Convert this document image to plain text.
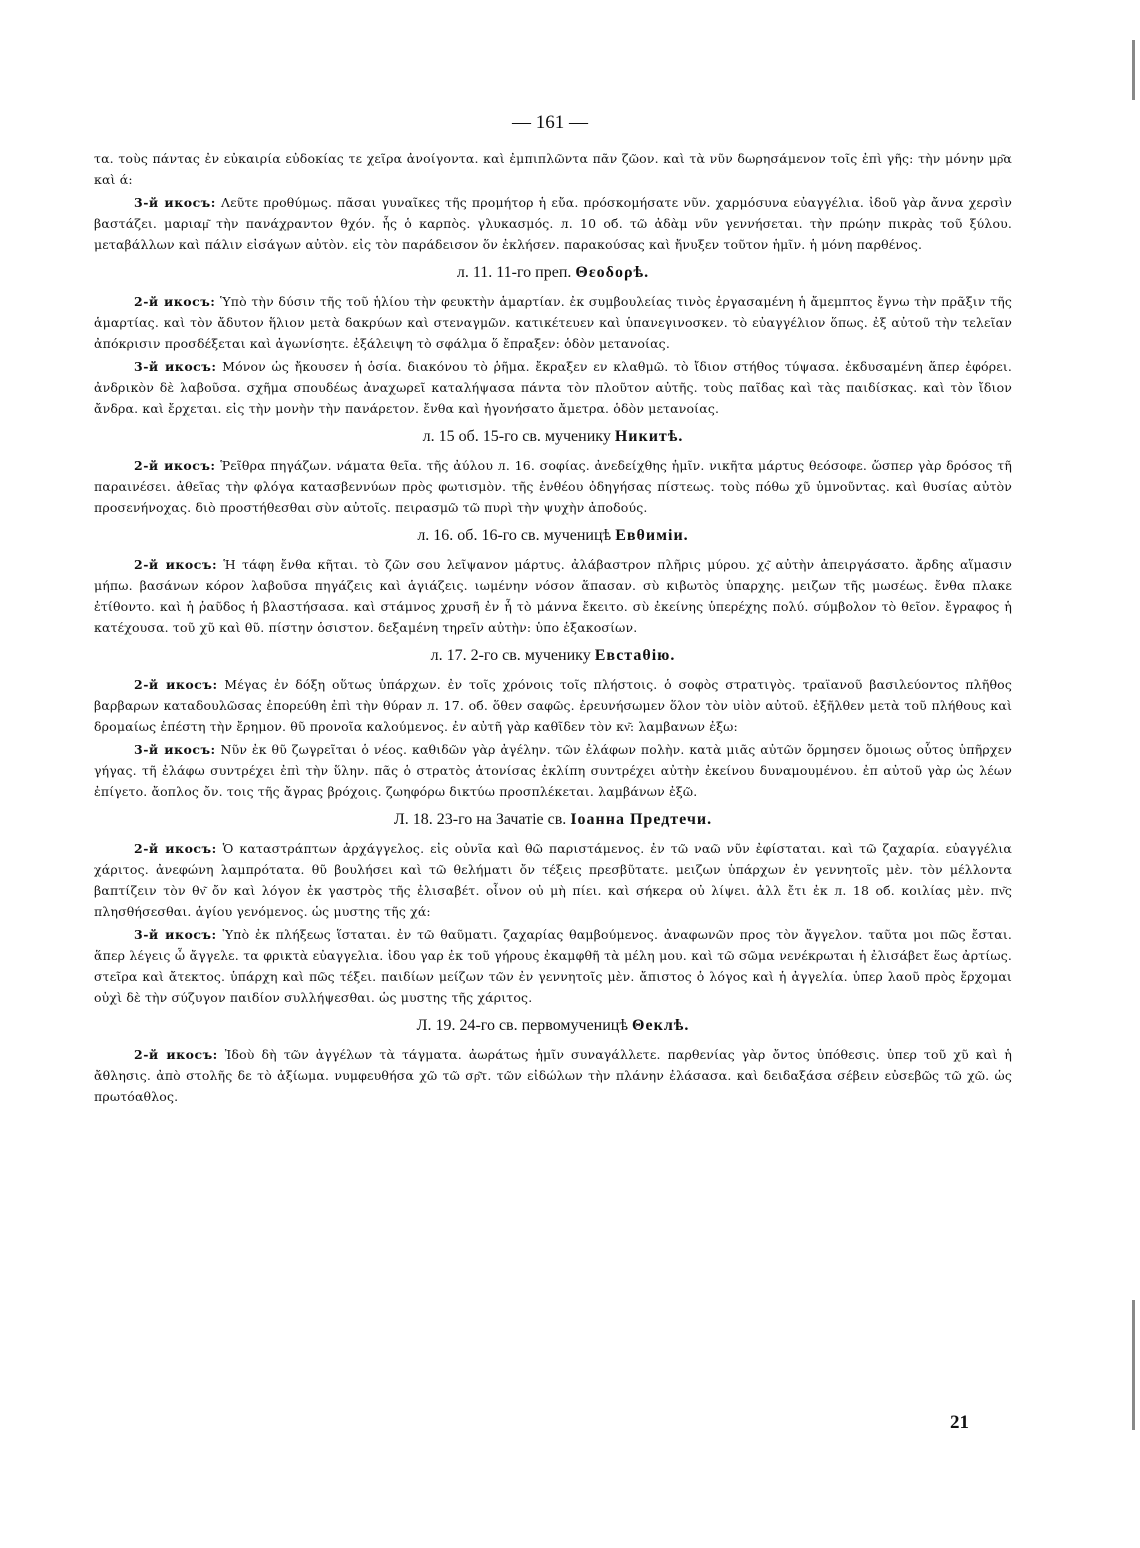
— 161 —

τα. τοὺς πάντας ἐν εὐκαιρία εὐδοκίας τε χεῖρα ἀνοίγοντα. καὶ ἐμπιπλῶντα πᾶν ζῶον. καὶ τὰ νῦν δωρησάμενον τοῖς ἐπὶ γῆς: τὴν μόνην μρ͂α καὶ ά:

3-й икосъ: Λεῦτε προθύμως. πᾶσαι γυναῖκες τῆς προμήτορ ἡ εὔα. πρόσκομήσατε νῦν. χαρμόσυνα εὐαγγέλια. ἰδοῦ γὰρ ἄννα χερσὶν βαστάζει. μαριαμ͂ τὴν πανάχραντον θχόν. ἧς ὁ καρπὸς. γλυκασμός. л. 10 об. τῶ ἀδὰμ νῦν γεννήσεται. τὴν πρώην πικρὰς τοῦ ξύλου. μεταβάλλων καὶ πάλιν εἰσάγων αὐτὸν. εἰς τὸν παράδεισον ὅν ἐκλήσεν. παρακούσας καὶ ἤνυξεν τοῦτον ἡμῖν. ἡ μόνη παρθένος.

л. 11. 11-го преп. Θεοδορѣ.

2-й икосъ: Ὑπὸ τὴν δύσιν τῆς τοῦ ἡλίου τὴν φευκτὴν ἁμαρτίαν. ἐκ συμβουλείας τινὸς ἐργασαμένη ἡ ἄμεμπτος ἔγνω τὴν πρᾶξιν τῆς ἁμαρτίας. καὶ τὸν ἄδυτον ἥλιον μετὰ δακρύων καὶ στεναγμῶν. κατικέτευεν καὶ ὑπανεγινοσκεν. τὸ εὐαγγέλιον ὅπως. ἐξ αὐτοῦ τὴν τελεῖαν ἀπόκρισιν προσδέξεται καὶ ἀγωνίσητε. ἐξάλειψη τὸ σφάλμα ὅ ἔπραξεν: ὁδὸν μετανοίας.

3-й икосъ: Μόνον ὡς ἤκουσεν ἡ ὁσία. διακόνου τὸ ῥῆμα. ἔκραξεν εν κλαθμῶ. τὸ ἴδιον στήθος τύψασα. ἐκδυσαμένη ἅπερ ἐφόρει. ἀνδρικὸν δὲ λαβοῦσα. σχῆμα σπουδέως ἀναχωρεῖ καταλήψασα πάντα τὸν πλοῦτον αὐτῆς. τοὺς παῖδας καὶ τὰς παιδίσκας. καὶ τὸν ἴδιον ἄνδρα. καὶ ἔρχεται. εἰς τὴν μονὴν τὴν πανάρετον. ἔνθα καὶ ἠγονήσατο ἄμετρα. ὁδὸν μετανοίας.

л. 15 об. 15-го св. мученику Никитѣ.

2-й икосъ: Ῥεῖθρα πηγάζων. νάματα θεῖα. τῆς ἀύλου л. 16. σοφίας. ἀνεδείχθης ἡμῖν. νικῆτα μάρτυς θεόσοφε. ὥσπερ γὰρ δρόσος τῆ παραινέσει. ἀθεῖας τὴν φλόγα κατασβεννύων πρὸς φωτισμὸν. τῆς ἐνθέου ὀδηγήσας πίστεως. τοὺς πόθω χῦ ὑμνοῦντας. καὶ θυσίας αὐτὸν προσενήνοχας. διὸ προστήθεσθαι σὺν αὐτοῖς. πειρασμῶ τῶ πυρὶ τὴν ψυχὴν ἀποδούς.

л. 16. об. 16-го св. мученицѣ Евθимiи.

2-й икосъ: Ἡ τάφη ἔνθα κῆται. τὸ ζῶν σου λεῖψανον μάρτυς. ἀλάβαστρον πλῆρις μύρου. χς͂ αὐτὴν ἀπειργάσατο. ἄρδης αἵμασιν μήπω. βασάνων κόρον λαβοῦσα πηγάζεις καὶ ἁγιάζεις. ιωμένην νόσον ἅπασαν. σὺ κιβωτὸς ὑπαρχης. μειζων τῆς μωσέως. ἔνθα πλακε ἐτίθοντο. καὶ ἡ ῥαῦδος ἡ βλαστήσασα. καὶ στάμνος χρυσῆ ἐν ἧ τὸ μάννα ἔκειτο. σὺ ἐκείνης ὑπερέχης πολύ. σύμβολον τὸ θεῖον. ἔγραφος ἡ κατέχουσα. τοῦ χῦ καὶ θῦ. πίστην ὁσιστον. δεξαμένη τηρεῖν αὐτὴν: ὑπο ἑξακοσίων.

л. 17. 2-го св. мученику Евстаθiю.

2-й икосъ: Μέγας ἐν δόξη οὕτως ὑπάρχων. ἐν τοῖς χρόνοις τοῖς πλήστοις. ὁ σοφὸς στρατιγὸς. τραϊανοῦ βασιλεύοντος πλῆθος βαρβαρων καταδουλῶσας ἐπορεύθη ἐπὶ τὴν θύραν л. 17. об. ὅθεν σαφῶς. ἐρευνήσωμεν ὅλον τὸν υἱὸν αὐτοῦ. ἐξῆλθεν μετὰ τοῦ πλήθους καὶ δρομαίως ἐπέστη τὴν ἔρημον. θῦ προνοῖα καλούμενος. ἐν αὐτῆ γὰρ καθῖδεν τὸν κν͂: λαμβανων ἐξω:

3-й икосъ: Νῦν ἐκ θῦ ζωγρεῖται ὁ νέος. καθιδῶν γὰρ ἀγέλην. τῶν ἐλάφων πολὴν. κατὰ μιᾶς αὐτῶν ὅρμησεν ὅμοιως οὗτος ὑπῆρχεν γήγας. τῆ ἐλάφω συντρέχει ἐπὶ τὴν ὕλην. πᾶς ὁ στρατὸς ἀτονίσας ἐκλίπη συντρέχει αὐτὴν ἐκείνου δυναμουμένου. ἐπ αὐτοῦ γὰρ ὡς λέων ἐπίγετο. ἄοπλος ὄν. τοις τῆς ἄγρας βρόχοις. ζωηφόρω δικτύω προσπλέκεται. λαμβάνων ἐξῶ.

Л. 18. 23-го на Зачатiе св. Iоанна Предтечи.

2-й икосъ: Ὁ καταστράπτων ἀρχάγγελος. εἰς οὐνῖα καὶ θῶ παριστάμενος. ἐν τῶ ναῶ νῦν ἐφίσταται. καὶ τῶ ζαχαρία. εὐαγγέλια χάριτος. ἀνεφώνη λαμπρότατα. θῦ βουλήσει καὶ τῶ θελήματι ὄν τέξεις πρεσβῦτατε. μειζων ὑπάρχων ἐν γεννητοῖς μὲν. τὸν μέλλοντα βαπτίζειν τὸν θν͂ ὄν καὶ λόγον ἐκ γαστρὸς τῆς ἐλισαβέτ. οἶνον οὐ μὴ πίει. καὶ σήκερα οὐ λίψει. ἀλλ ἔτι ἐκ л. 18 об. κοιλίας μὲν. πν͂ς πλησθήσεσθαι. ἁγίου γενόμενος. ὡς μυστης τῆς χά:

3-й икосъ: Ὑπὸ ἐκ πλήξεως ἵσταται. ἐν τῶ θαῦματι. ζαχαρίας θαμβούμενος. ἀναφωνῶν προς τὸν ἄγγελον. ταῦτα μοι πῶς ἔσται. ἅπερ λέγεις ὦ ἄγγελε. τα φρικτὰ εὐαγγελια. ἰδου γαρ ἐκ τοῦ γήρους ἐκαμφθῆ τὰ μέλη μου. καὶ τῶ σῶμα νενέκρωται ἡ ἐλισάβετ ἕως ἀρτίως. στεῖρα καὶ ἄτεκτος. ὑπάρχη καὶ πῶς τέξει. παιδίων μείζων τῶν ἐν γεννητοῖς μὲν. ἄπιστος ὁ λόγος καὶ ἡ ἀγγελία. ὑπερ λαοῦ πρὸς ἔρχομαι οὐχὶ δὲ τὴν σύζυγον παιδίον συλλήψεσθαι. ὡς μυστης τῆς χάριτος.

Л. 19. 24-го св. первомученицѣ Θеклѣ.

2-й икосъ: Ἰδοὺ δὴ τῶν ἀγγέλων τὰ τάγματα. ἀωράτως ἡμῖν συναγάλλετε. παρθενίας γὰρ ὄντος ὑπόθεσις. ὑπερ τοῦ χῦ καὶ ἡ ἄθλησις. ἀπὸ στολῆς δε τὸ ἀξίωμα. νυμφευθήσα χῶ τῶ σρ͂τ. τῶν εἰδώλων τὴν πλάνην ἐλάσασα. καὶ δειδαξάσα σέβειν εὐσεβῶς τῶ χῶ. ὡς πρωτόαθλος.

21
